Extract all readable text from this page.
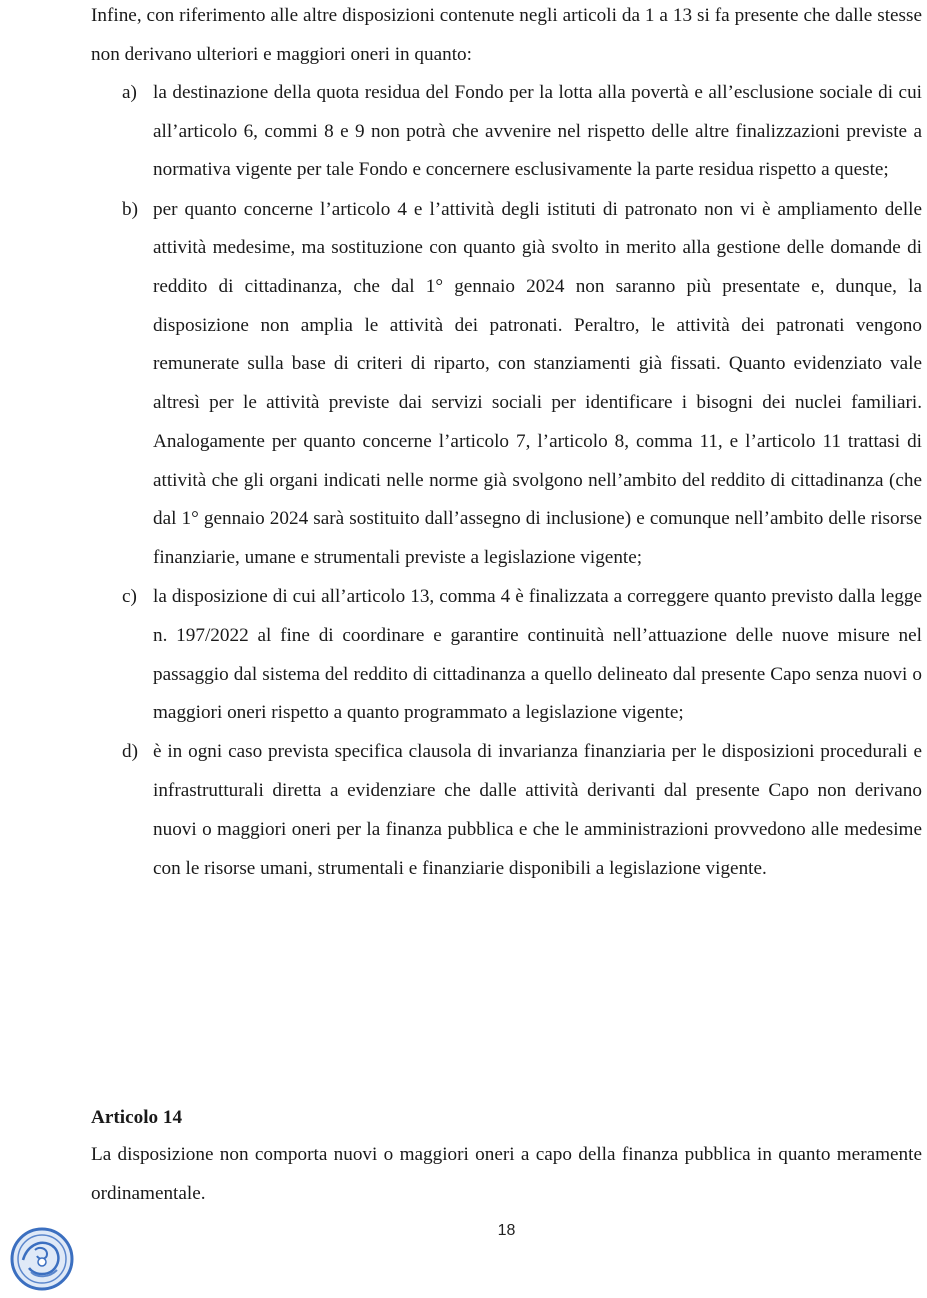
Infine, con riferimento alle altre disposizioni contenute negli articoli da 1 a 13 si fa presente che dalle stesse non derivano ulteriori e maggiori oneri in quanto:

a) la destinazione della quota residua del Fondo per la lotta alla povertà e all’esclusione sociale di cui all’articolo 6, commi 8 e 9 non potrà che avvenire nel rispetto delle altre finalizzazioni previste a normativa vigente per tale Fondo e concernere esclusivamente la parte residua rispetto a queste;
b) per quanto concerne l’articolo 4 e l’attività degli istituti di patronato non vi è ampliamento delle attività medesime, ma sostituzione con quanto già svolto in merito alla gestione delle domande di reddito di cittadinanza, che dal 1° gennaio 2024 non saranno più presentate e, dunque, la disposizione non amplia le attività dei patronati. Peraltro, le attività dei patronati vengono remunerate sulla base di criteri di riparto, con stanziamenti già fissati. Quanto evidenziato vale altresì per le attività previste dai servizi sociali per identificare i bisogni dei nuclei familiari. Analogamente per quanto concerne l’articolo 7, l’articolo 8, comma 11, e l’articolo 11 trattasi di attività che gli organi indicati nelle norme già svolgono nell’ambito del reddito di cittadinanza (che dal 1° gennaio 2024 sarà sostituito dall’assegno di inclusione) e comunque nell’ambito delle risorse finanziarie, umane e strumentali previste a legislazione vigente;
c) la disposizione di cui all’articolo 13, comma 4 è finalizzata a correggere quanto previsto dalla legge n. 197/2022 al fine di coordinare e garantire continuità nell’attuazione delle nuove misure nel passaggio dal sistema del reddito di cittadinanza a quello delineato dal presente Capo senza nuovi o maggiori oneri rispetto a quanto programmato a legislazione vigente;
d) è in ogni caso prevista specifica clausola di invarianza finanziaria per le disposizioni procedurali e infrastrutturali diretta a evidenziare che dalle attività derivanti dal presente Capo non derivano nuovi o maggiori oneri per la finanza pubblica e che le amministrazioni provvedono alle medesime con le risorse umani, strumentali e finanziarie disponibili a legislazione vigente.
Articolo 14

La disposizione non comporta nuovi o maggiori oneri a capo della finanza pubblica in quanto meramente ordinamentale.

18
